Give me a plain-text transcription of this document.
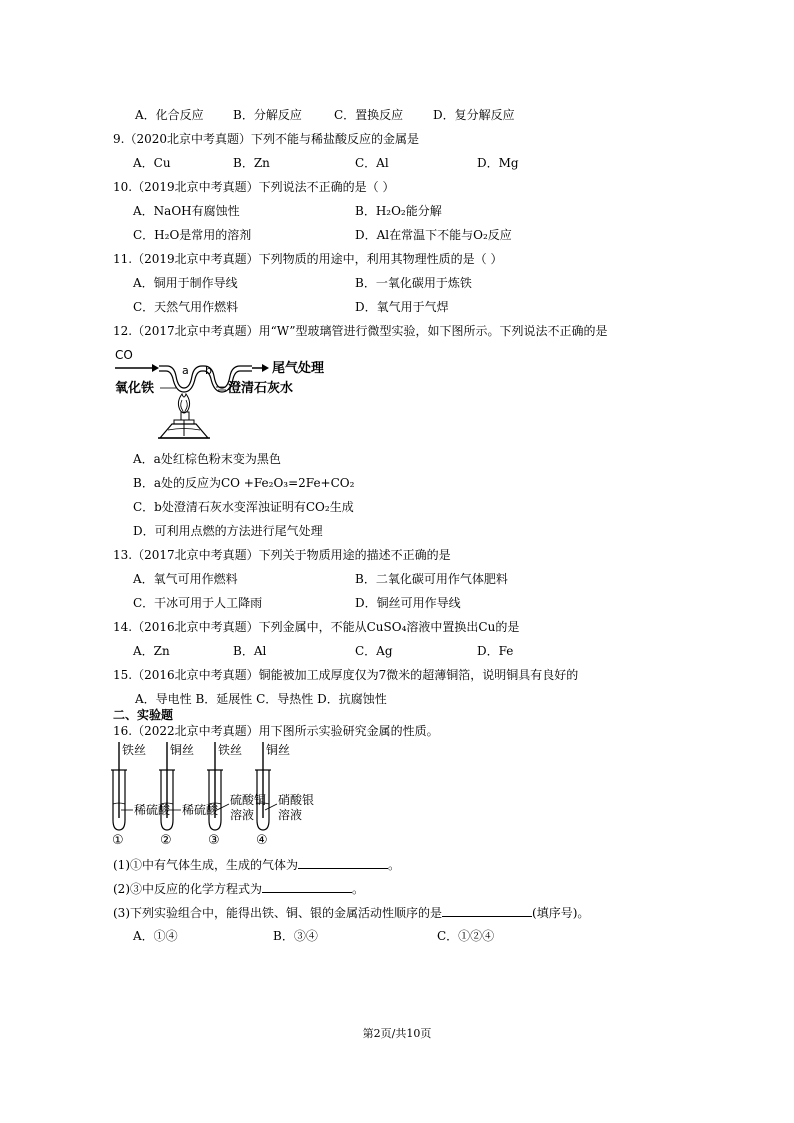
A．化合反应 B．分解反应	C．置换反应 D．复分解反应
9.（2020北京中考真题）下列不能与稀盐酸反应的金属是
A．Cu	B．Zn	C．Al	D．Mg
10.（2019北京中考真题）下列说法不正确的是（ ）
A．NaOH有腐蚀性	B．H₂O₂能分解
C．H₂O是常用的溶剂	D．Al在常温下不能与O₂反应
11.（2019北京中考真题）下列物质的用途中，利用其物理性质的是（ ）
A．铜用于制作导线	B．一氧化碳用于炼铁
C．天然气用作燃料	D．氧气用于气焊
12.（2017北京中考真题）用“W”型玻璃管进行微型实验，如下图所示。下列说法不正确的是
CO
a b	尾气处理
氧化铁	澄清石灰水
A．a处红棕色粉末变为黑色
B．a处的反应为CO +Fe₂O₃=2Fe+CO₂
C．b处澄清石灰水变浑浊证明有CO₂生成
D．可利用点燃的方法进行尾气处理
13.（2017北京中考真题）下列关于物质用途的描述不正确的是
A．氧气可用作燃料	B．二氧化碳可用作气体肥料
C．干冰可用于人工降雨	D．铜丝可用作导线
14.（2016北京中考真题）下列金属中，不能从CuSO₄溶液中置换出Cu的是
A．Zn	B．Al	C．Ag	D．Fe
15.（2016北京中考真题）铜能被加工成厚度仅为7微米的超薄铜箔，说明铜具有良好的
A．导电性 B．延展性 C．导热性 D．抗腐蚀性
二、实验题
16.（2022北京中考真题）用下图所示实验研究金属的性质。
铁丝
稀硫酸
①
铜丝
稀硫酸
②
铁丝
硫酸铜
溶液
③
铜丝
硝酸银
溶液
④
(1)①中有气体生成，生成的气体为	。
(2)③中反应的化学方程式为	。
(3)下列实验组合中，能得出铁、铜、银的金属活动性顺序的是	(填序号)。
A．①④	B．③④	C．①②④
第2页/共10页
